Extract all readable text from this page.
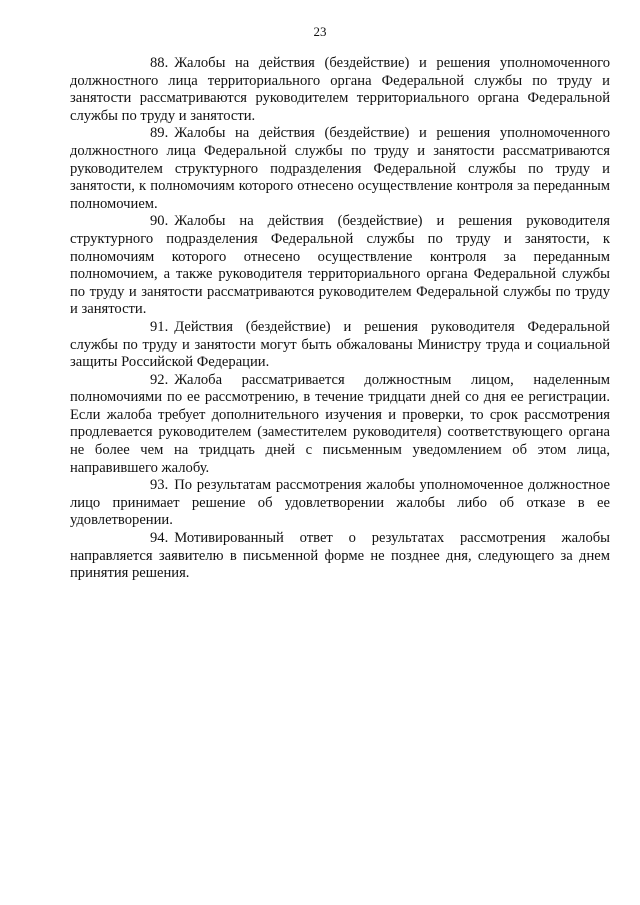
23

88. Жалобы на действия (бездействие) и решения уполномоченного должностного лица территориального органа Федеральной службы по труду и занятости рассматриваются руководителем территориального органа Федеральной службы по труду и занятости.

89. Жалобы на действия (бездействие) и решения уполномоченного должностного лица Федеральной службы по труду и занятости рассматриваются руководителем структурного подразделения Федеральной службы по труду и занятости, к полномочиям которого отнесено осуществление контроля за переданным полномочием.

90. Жалобы на действия (бездействие) и решения руководителя структурного подразделения Федеральной службы по труду и занятости, к полномочиям которого отнесено осуществление контроля за переданным полномочием, а также руководителя территориального органа Федеральной службы по труду и занятости рассматриваются руководителем Федеральной службы по труду и занятости.

91. Действия (бездействие) и решения руководителя Федеральной службы по труду и занятости могут быть обжалованы Министру труда и социальной защиты Российской Федерации.

92. Жалоба рассматривается должностным лицом, наделенным полномочиями по ее рассмотрению, в течение тридцати дней со дня ее регистрации. Если жалоба требует дополнительного изучения и проверки, то срок рассмотрения продлевается руководителем (заместителем руководителя) соответствующего органа не более чем на тридцать дней с письменным уведомлением об этом лица, направившего жалобу.

93. По результатам рассмотрения жалобы уполномоченное должностное лицо принимает решение об удовлетворении жалобы либо об отказе в ее удовлетворении.

94. Мотивированный ответ о результатах рассмотрения жалобы направляется заявителю в письменной форме не позднее дня, следующего за днем принятия решения.
